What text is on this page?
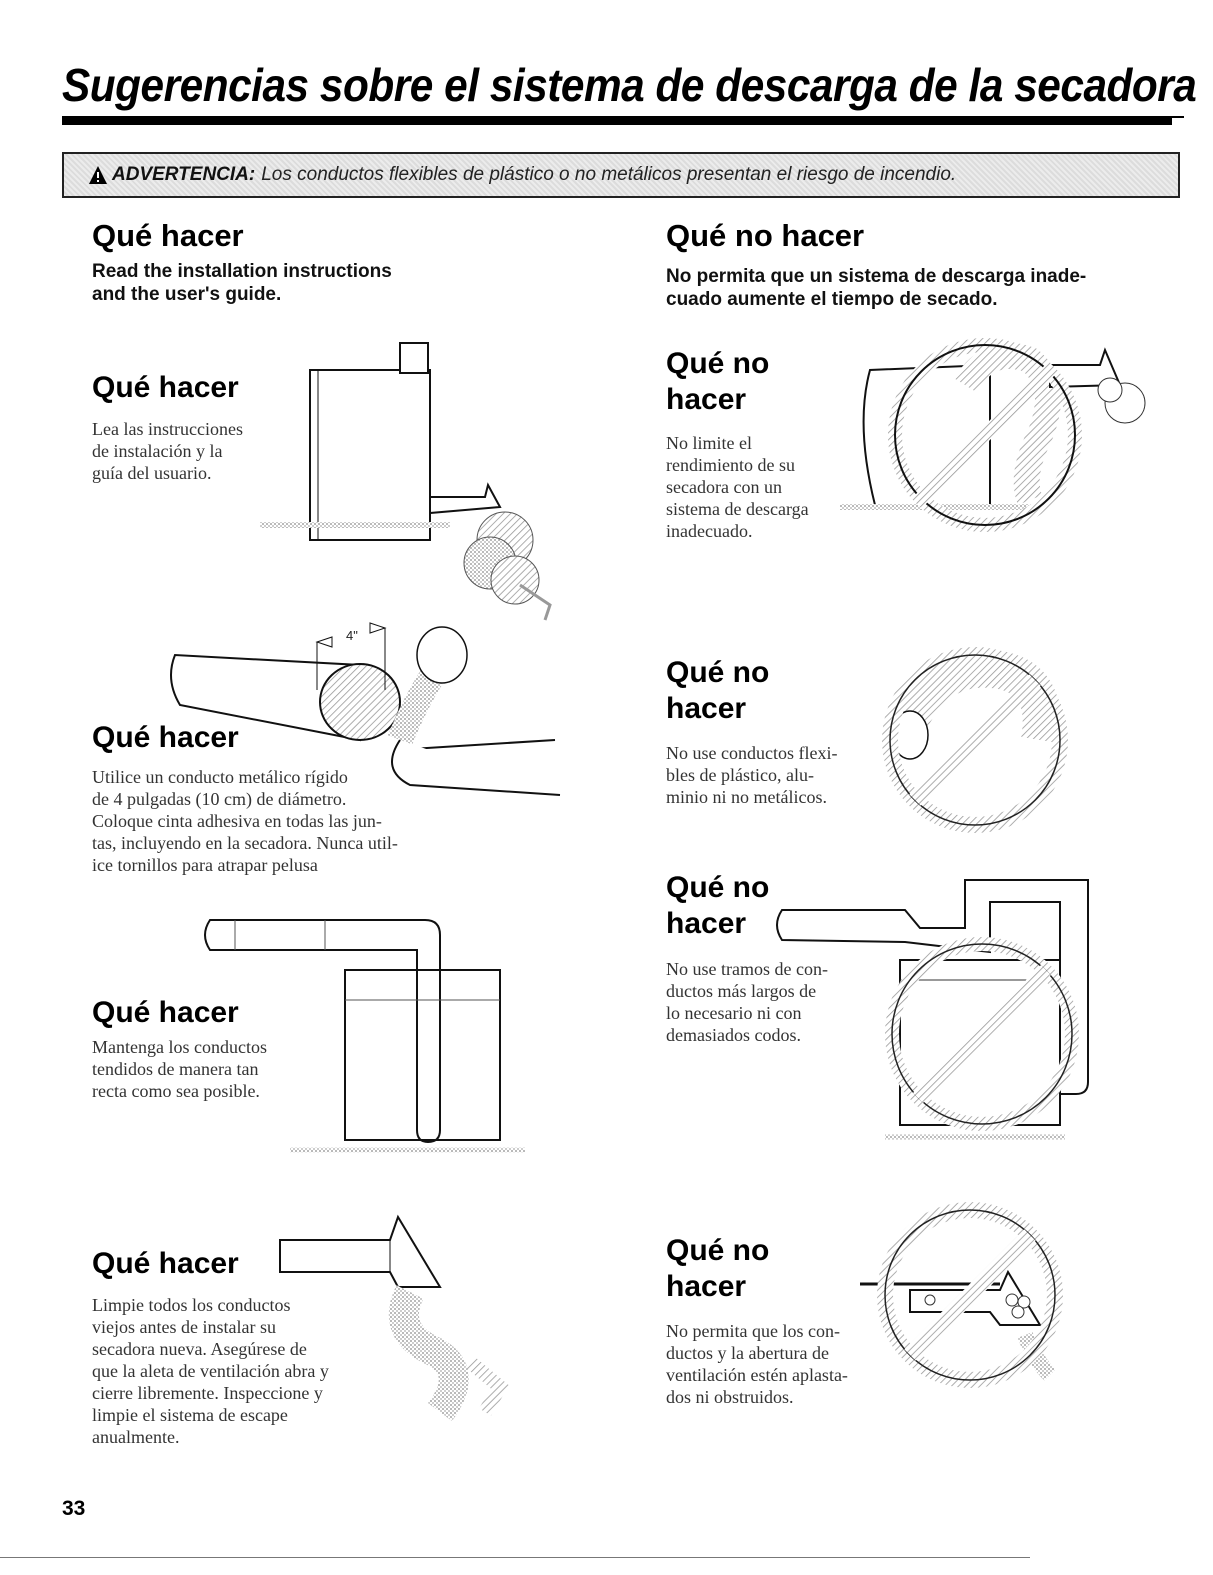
Sugerencias sobre el sistema de descarga de la secadora
ADVERTENCIA: Los conductos flexibles de plástico o no metálicos presentan el riesgo de incendio.
Qué hacer

Read the installation instructions

and the user's guide.

Qué no hacer

No permita que un sistema de descarga inade-

cuado aumente el tiempo de secado.

Qué hacer

Lea las instrucciones

de instalación y la

guía del usuario.

Qué hacer

Utilice un conducto metálico rígido

de 4 pulgadas (10 cm) de diámetro.

Coloque cinta adhesiva en todas las jun-

tas, incluyendo en la secadora. Nunca util-

ice tornillos para atrapar pelusa

4"
Qué hacer

Mantenga los conductos

tendidos de manera tan

recta como sea posible.

Qué hacer

Limpie todos los conductos

viejos antes de instalar su

secadora nueva. Asegúrese de

que la aleta de ventilación abra y

cierre libremente. Inspeccione y

limpie el sistema de escape

anualmente.

Qué no
hacer

No limite el

rendimiento de su

secadora con un

sistema de descarga

inadecuado.

Qué no
hacer

No use conductos flexi-

bles de plástico, alu-

minio ni no metálicos.

Qué no
hacer

No use tramos de con-

ductos más largos de

lo necesario ni con

demasiados codos.

Qué no
hacer

No permita que los con-

ductos y la abertura de

ventilación estén aplasta-

dos ni obstruidos.

33
